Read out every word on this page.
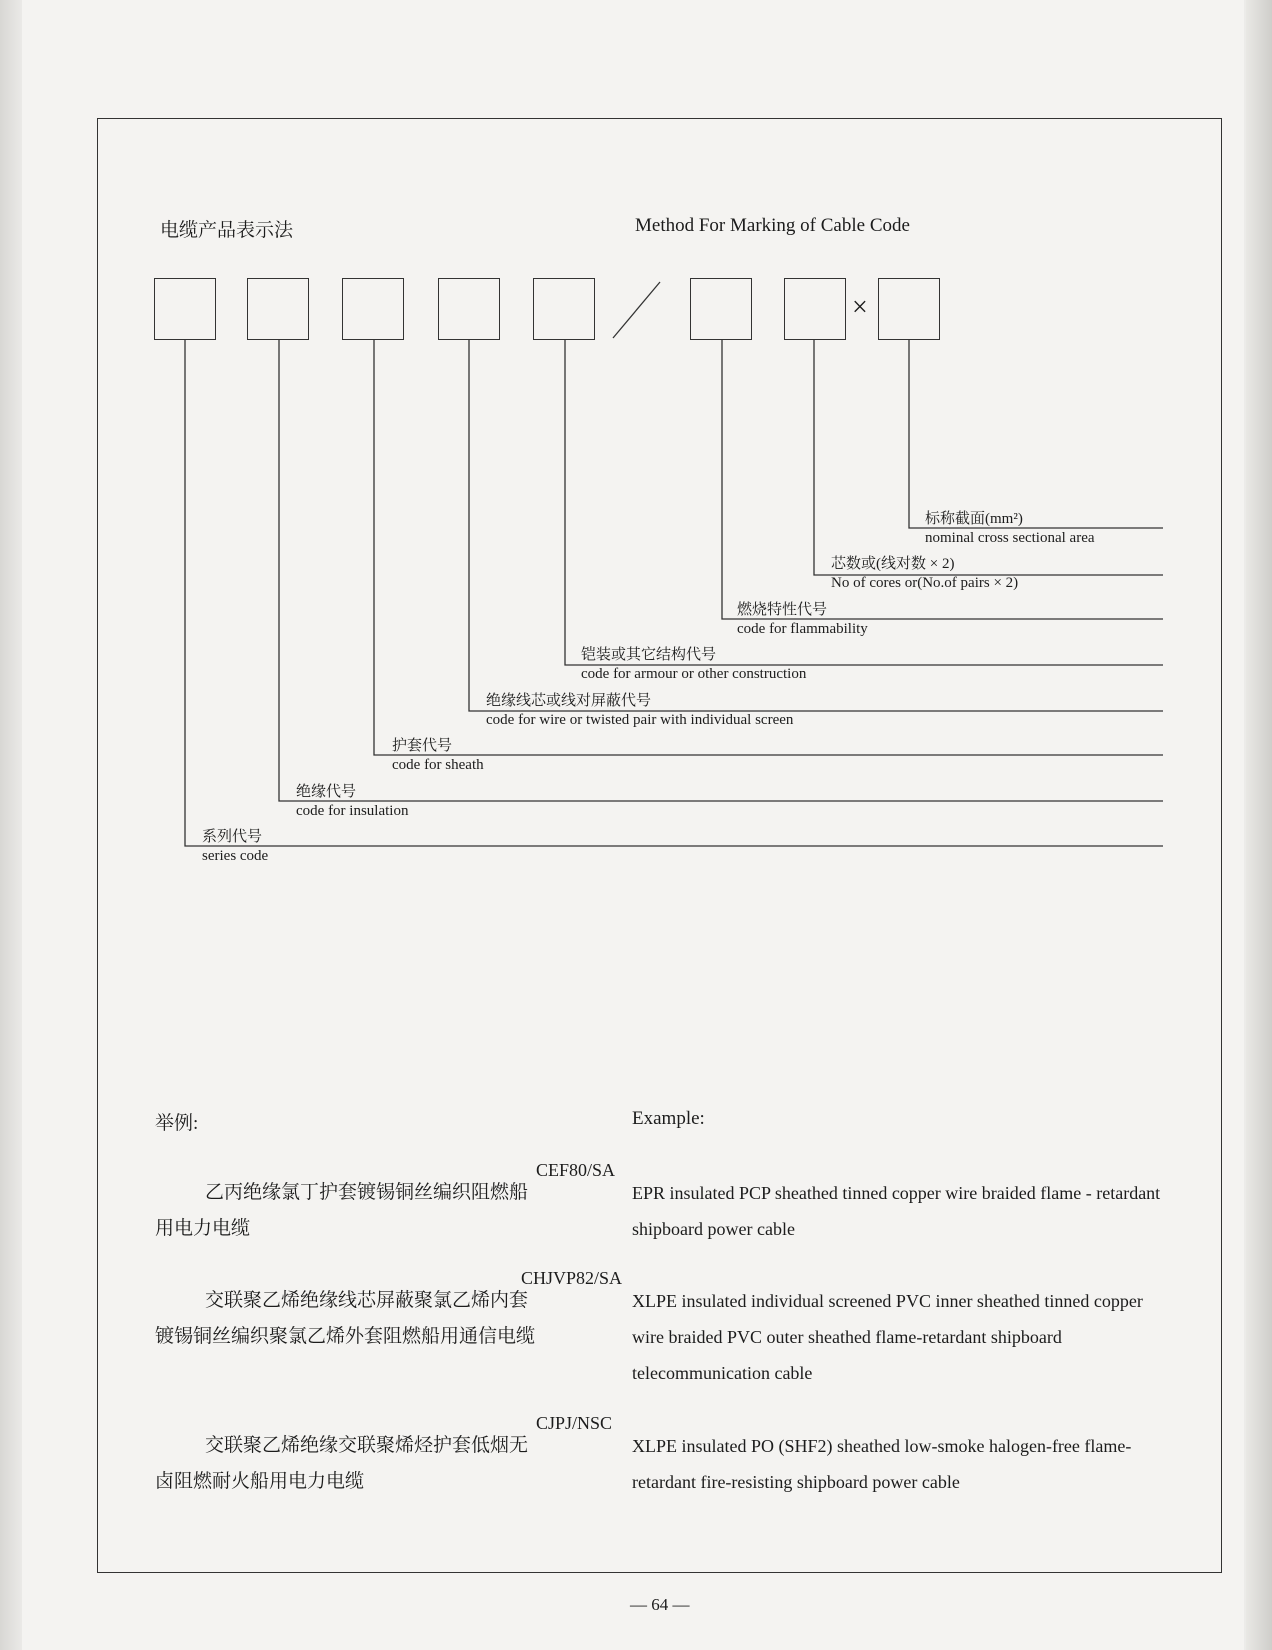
电缆产品表示法	Method For Marking of Cable Code
×
标称截面(mm²)
nominal cross sectional area
芯数或(线对数 × 2)
No of cores or(No.of pairs × 2)
燃烧特性代号
code for flammability
铠装或其它结构代号
code for armour or other construction
绝缘线芯或线对屏蔽代号
code for wire or twisted pair with individual screen
护套代号
code for sheath
绝缘代号
code for insulation
系列代号
series code
举例:	Example:
CEF80/SA
乙丙绝缘氯丁护套镀锡铜丝编织阻燃船用电力电缆
EPR insulated PCP sheathed tinned copper wire braided flame - retardant shipboard power cable
CHJVP82/SA
交联聚乙烯绝缘线芯屏蔽聚氯乙烯内套镀锡铜丝编织聚氯乙烯外套阻燃船用通信电缆
XLPE insulated individual screened PVC inner sheathed tinned copper wire braided PVC outer sheathed flame-retardant shipboard telecommunication cable
CJPJ/NSC
交联聚乙烯绝缘交联聚烯烃护套低烟无卤阻燃耐火船用电力电缆
XLPE insulated PO (SHF2) sheathed low-smoke halogen-free flame-retardant fire-resisting shipboard power cable
— 64 —
